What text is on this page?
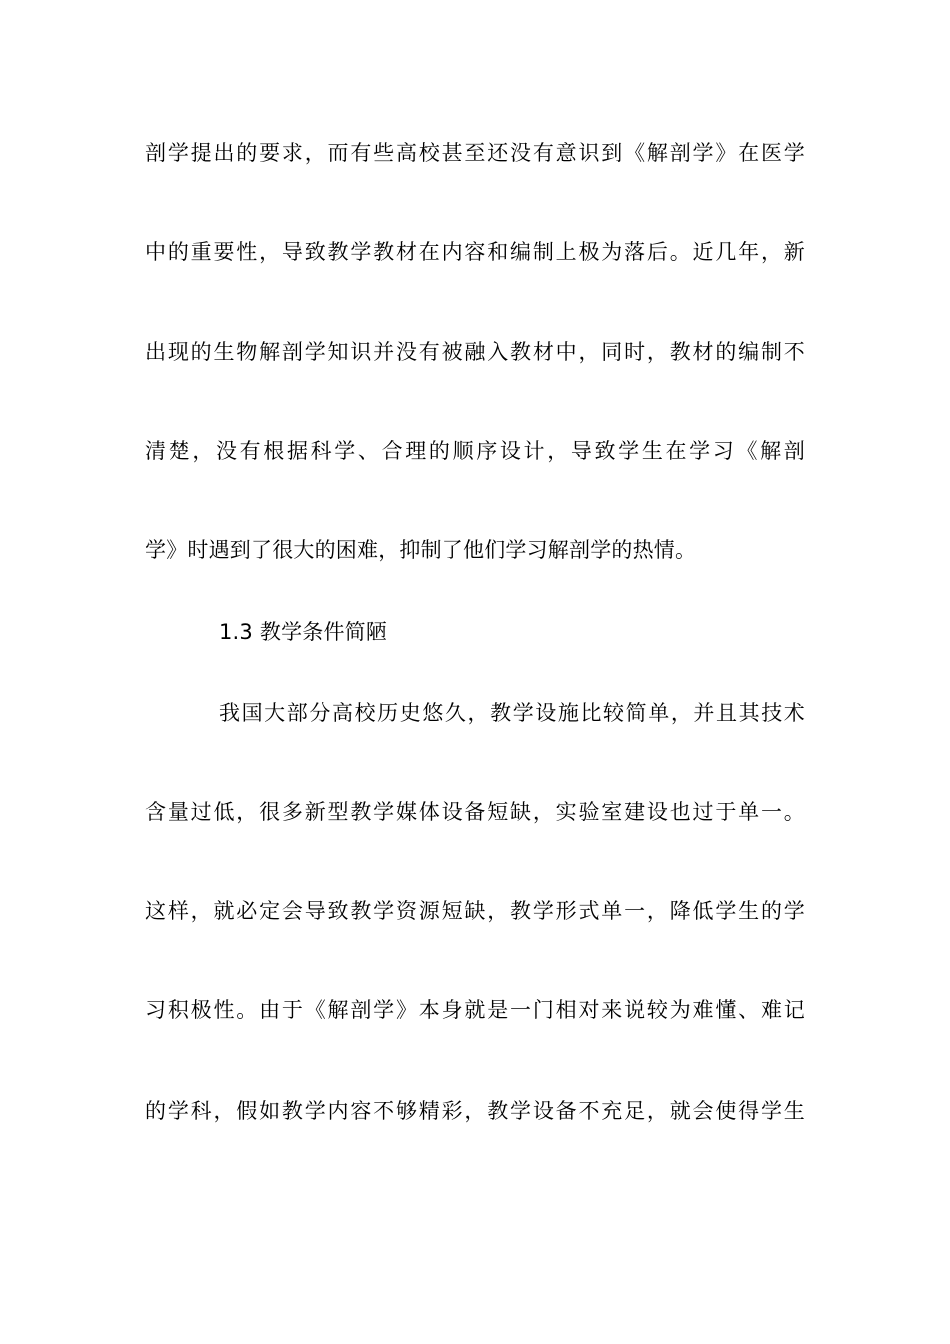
剖学提出的要求，而有些高校甚至还没有意识到《解剖学》在医学
中的重要性，导致教学教材在内容和编制上极为落后。近几年，新
出现的生物解剖学知识并没有被融入教材中，同时，教材的编制不
清楚，没有根据科学、合理的顺序设计，导致学生在学习《解剖
学》时遇到了很大的困难，抑制了他们学习解剖学的热情。
1.3 教学条件简陋
我国大部分高校历史悠久，教学设施比较简单，并且其技术
含量过低，很多新型教学媒体设备短缺，实验室建设也过于单一。
这样，就必定会导致教学资源短缺，教学形式单一，降低学生的学
习积极性。由于《解剖学》本身就是一门相对来说较为难懂、难记
的学科，假如教学内容不够精彩，教学设备不充足，就会使得学生
